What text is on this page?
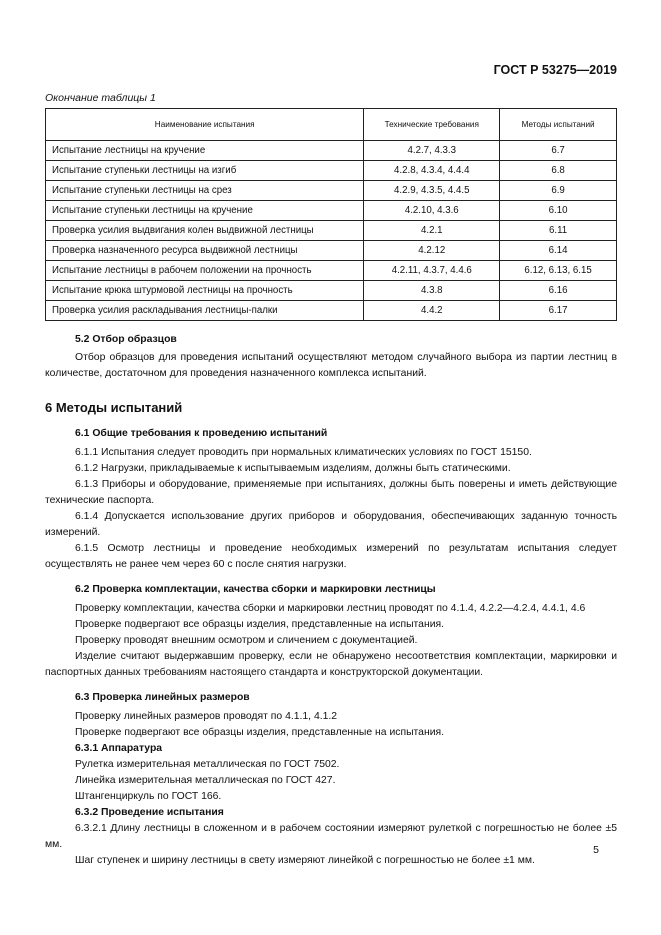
ГОСТ Р 53275—2019
Окончание таблицы 1
Наименование испытания	Технические требования	Методы испытаний
Испытание лестницы на кручение	4.2.7, 4.3.3	6.7
Испытание ступеньки лестницы на изгиб	4.2.8, 4.3.4, 4.4.4	6.8
Испытание ступеньки лестницы на срез	4.2.9, 4.3.5, 4.4.5	6.9
Испытание ступеньки лестницы на кручение	4.2.10, 4.3.6	6.10
Проверка усилия выдвигания колен выдвижной лестницы	4.2.1	6.11
Проверка назначенного ресурса выдвижной лестницы	4.2.12	6.14
Испытание лестницы в рабочем положении на прочность	4.2.11, 4.3.7, 4.4.6	6.12, 6.13, 6.15
Испытание крюка штурмовой лестницы на прочность	4.3.8	6.16
Проверка усилия раскладывания лестницы-палки	4.4.2	6.17

5.2 Отбор образцов

Отбор образцов для проведения испытаний осуществляют методом случайного выбора из партии лестниц в количестве, достаточном для проведения назначенного комплекса испытаний.

6 Методы испытаний

6.1 Общие требования к проведению испытаний

6.1.1 Испытания следует проводить при нормальных климатических условиях по ГОСТ 15150.

6.1.2 Нагрузки, прикладываемые к испытываемым изделиям, должны быть статическими.

6.1.3 Приборы и оборудование, применяемые при испытаниях, должны быть поверены и иметь действующие технические паспорта.

6.1.4 Допускается использование других приборов и оборудования, обеспечивающих заданную точность измерений.

6.1.5 Осмотр лестницы и проведение необходимых измерений по результатам испытания следует осуществлять не ранее чем через 60 с после снятия нагрузки.

6.2 Проверка комплектации, качества сборки и маркировки лестницы

Проверку комплектации, качества сборки и маркировки лестниц проводят по 4.1.4, 4.2.2—4.2.4, 4.4.1, 4.6

Проверке подвергают все образцы изделия, представленные на испытания.

Проверку проводят внешним осмотром и сличением с документацией.

Изделие считают выдержавшим проверку, если не обнаружено несоответствия комплектации, маркировки и паспортных данных требованиям настоящего стандарта и конструкторской документации.

6.3 Проверка линейных размеров

Проверку линейных размеров проводят по 4.1.1, 4.1.2

Проверке подвергают все образцы изделия, представленные на испытания.

6.3.1 Аппаратура

Рулетка измерительная металлическая по ГОСТ 7502.

Линейка измерительная металлическая по ГОСТ 427.

Штангенциркуль по ГОСТ 166.

6.3.2 Проведение испытания

6.3.2.1 Длину лестницы в сложенном и в рабочем состоянии измеряют рулеткой с погрешностью не более ±5 мм.

Шаг ступенек и ширину лестницы в свету измеряют линейкой с погрешностью не более ±1 мм.

5
